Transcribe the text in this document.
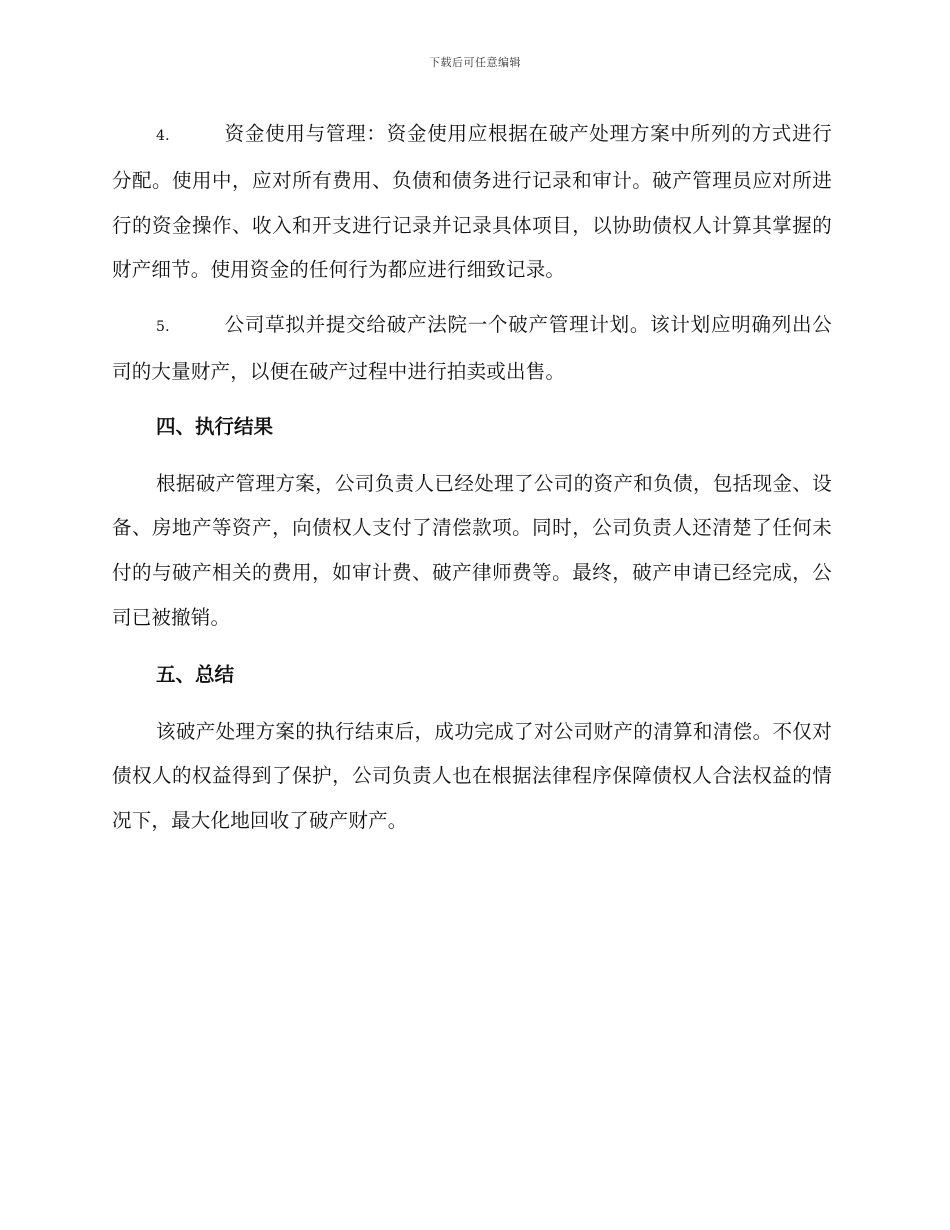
下载后可任意编辑

4.	资金使用与管理：资金使用应根据在破产处理方案中所列的方式进行分配。使用中，应对所有费用、负债和债务进行记录和审计。破产管理员应对所进行的资金操作、收入和开支进行记录并记录具体项目，以协助债权人计算其掌握的财产细节。使用资金的任何行为都应进行细致记录。

5.	公司草拟并提交给破产法院一个破产管理计划。该计划应明确列出公司的大量财产，以便在破产过程中进行拍卖或出售。

四、执行结果

根据破产管理方案，公司负责人已经处理了公司的资产和负债，包括现金、设备、房地产等资产，向债权人支付了清偿款项。同时，公司负责人还清楚了任何未付的与破产相关的费用，如审计费、破产律师费等。最终，破产申请已经完成，公司已被撤销。

五、总结

该破产处理方案的执行结束后，成功完成了对公司财产的清算和清偿。不仅对债权人的权益得到了保护，公司负责人也在根据法律程序保障债权人合法权益的情况下，最大化地回收了破产财产。
